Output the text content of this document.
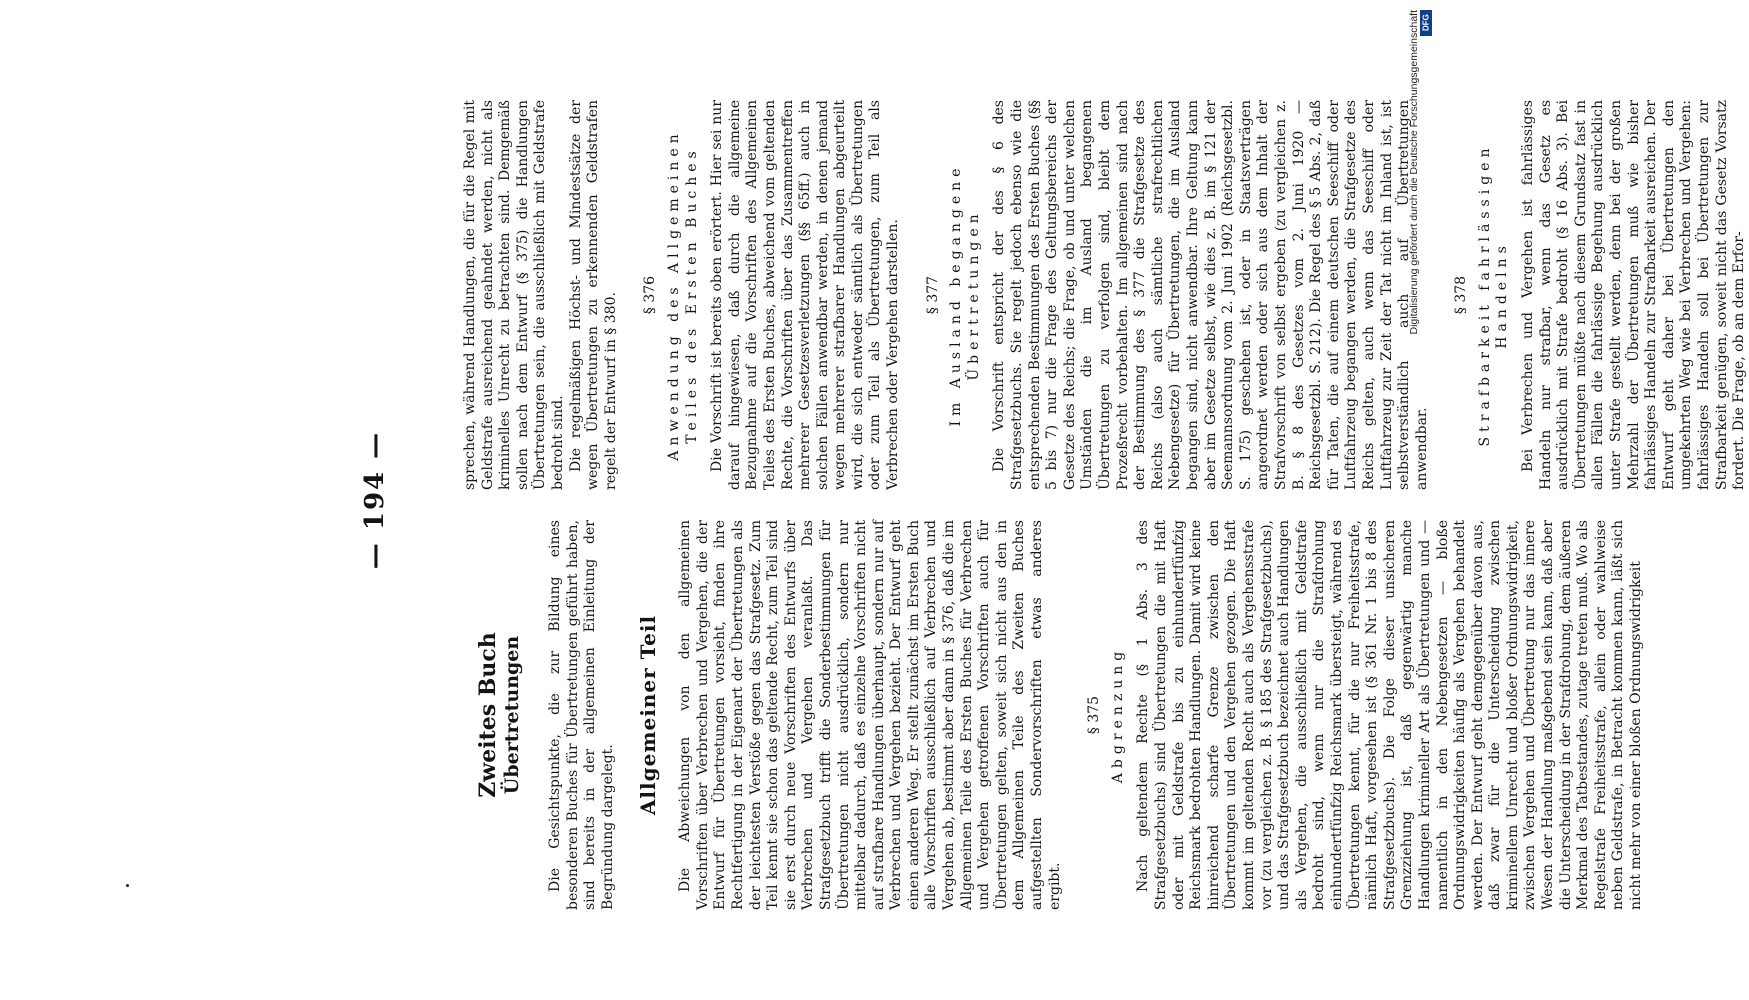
— 194 —
Zweites Buch Übertretungen Die Gesichtspunkte, die zur Bildung eines besonderen Buches für Übertretungen geführt haben, sind bereits in der allgemeinen Einleitung der Begründung dargelegt.

Allgemeiner Teil Die Abweichungen von den allgemeinen Vorschriften über Verbrechen und Vergehen, die der Entwurf für Übertretungen vorsieht, finden ihre Rechtfertigung in der Eigenart der Übertretungen als der leichtesten Verstöße gegen das Strafgesetz. Zum Teil kennt sie schon das geltende Recht, zum Teil sind sie erst durch neue Vorschriften des Entwurfs über Verbrechen und Vergehen veranlaßt. Das Strafgesetzbuch trifft die Sonderbestimmungen für Übertretungen nicht ausdrücklich, sondern nur mittelbar dadurch, daß es einzelne Vorschriften nicht auf strafbare Handlungen überhaupt, sondern nur auf Verbrechen und Vergehen bezieht. Der Entwurf geht einen anderen Weg. Er stellt zunächst im Ersten Buch alle Vorschriften ausschließlich auf Verbrechen und Vergehen ab, bestimmt aber dann in § 376, daß die im Allgemeinen Teile des Ersten Buches für Verbrechen und Vergehen getroffenen Vorschriften auch für Übertretungen gelten, soweit sich nicht aus den in dem Allgemeinen Teile des Zweiten Buches aufgestellten Sondervorschriften etwas anderes ergibt.

§ 375 Abgrenzung Nach geltendem Rechte (§ 1 Abs. 3 des Strafgesetzbuchs) sind Übertretungen die mit Haft oder mit Geldstrafe bis zu einhundertfünfzig Reichsmark bedrohten Handlungen. Damit wird keine hinreichend scharfe Grenze zwischen den Übertretungen und den Vergehen gezogen. Die Haft kommt im geltenden Recht auch als Vergehensstrafe vor (zu vergleichen z. B. § 185 des Strafgesetzbuchs), und das Strafgesetzbuch bezeichnet auch Handlungen als Vergehen, die ausschließlich mit Geldstrafe bedroht sind, wenn nur die Strafdrohung einhundertfünfzig Reichsmark übersteigt, während es Übertretungen kennt, für die nur Freiheitsstrafe, nämlich Haft, vorgesehen ist (§ 361 Nr. 1 bis 8 des Strafgesetzbuchs). Die Folge dieser unsicheren Grenzziehung ist, daß gegenwärtig manche Handlungen krimineller Art als Übertretungen und — namentlich in den Nebengesetzen — bloße Ordnungswidrigkeiten häufig als Vergehen behandelt werden. Der Entwurf geht demgegenüber davon aus, daß zwar für die Unterscheidung zwischen kriminellem Unrecht und bloßer Ordnungswidrigkeit, zwischen Vergehen und Übertretung nur das innere Wesen der Handlung maßgebend sein kann, daß aber die Unterscheidung in der Strafdrohung, dem äußeren Merkmal des Tatbestandes, zutage treten muß. Wo als Regelstrafe Freiheitsstrafe, allein oder wahlweise neben Geldstrafe, in Betracht kommen kann, läßt sich nicht mehr von einer bloßen Ordnungswidrigkeit

sprechen, während Handlungen, die für die Regel mit Geldstrafe ausreichend geahndet werden, nicht als kriminelles Unrecht zu betrachten sind. Demgemäß sollen nach dem Entwurf (§ 375) die Handlungen Übertretungen sein, die ausschließlich mit Geldstrafe bedroht sind. Die regelmäßigen Höchst- und Mindestsätze der wegen Übertretungen zu erkennenden Geldstrafen regelt der Entwurf in § 380. § 376 Anwendung des Allgemeinen Teiles des Ersten Buches Die Vorschrift ist bereits oben erörtert. Hier sei nur darauf hingewiesen, daß durch die allgemeine Bezugnahme auf die Vorschriften des Allgemeinen Teiles des Ersten Buches, abweichend vom geltenden Rechte, die Vorschriften über das Zusammentreffen mehrerer Gesetzesverletzungen (§§ 65ff.) auch in solchen Fällen anwendbar werden, in denen jemand wegen mehrerer strafbarer Handlungen abgeurteilt wird, die sich entweder sämtlich als Übertretungen oder zum Teil als Übertretungen, zum Teil als Verbrechen oder Vergehen darstellen. § 377 Im Ausland begangene Übertretungen Die Vorschrift entspricht der des § 6 des Strafgesetzbuchs. Sie regelt jedoch ebenso wie die entsprechenden Bestimmungen des Ersten Buches (§§ 5 bis 7) nur die Frage des Geltungsbereichs der Gesetze des Reichs; die Frage, ob und unter welchen Umständen die im Ausland begangenen Übertretungen zu verfolgen sind, bleibt dem Prozeßrecht vorbehalten. Im allgemeinen sind nach der Bestimmung des § 377 die Strafgesetze des Reichs (also auch sämtliche strafrechtlichen Nebengesetze) für Übertretungen, die im Ausland begangen sind, nicht anwendbar. Ihre Geltung kann aber im Gesetze selbst, wie dies z. B. im § 121 der Seemannsordnung vom 2. Juni 1902 (Reichsgesetzbl. S. 175) geschehen ist, oder in Staatsverträgen angeordnet werden oder sich aus dem Inhalt der Strafvorschrift von selbst ergeben (zu vergleichen z. B. § 8 des Gesetzes vom 2. Juni 1920 — Reichsgesetzbl. S. 212). Die Regel des § 5 Abs. 2, daß für Taten, die auf einem deutschen Seeschiff oder Luftfahrzeug begangen werden, die Strafgesetze des Reichs gelten, auch wenn das Seeschiff oder Luftfahrzeug zur Zeit der Tat nicht im Inland ist, ist selbstverständlich auch auf Übertretungen anwendbar.

§ 378 Strafbarkeit fahrlässigen Handelns Bei Verbrechen und Vergehen ist fahrlässiges Handeln nur strafbar, wenn das Gesetz es ausdrücklich mit Strafe bedroht (§ 16 Abs. 3). Bei Übertretungen müßte nach diesem Grundsatz fast in allen Fällen die fahrlässige Begehung ausdrücklich unter Strafe gestellt werden, denn bei der großen Mehrzahl der Übertretungen muß wie bisher fahrlässiges Handeln zur Strafbarkeit ausreichen. Der Entwurf geht daher bei Übertretungen den umgekehrten Weg wie bei Verbrechen und Vergehen: fahrlässiges Handeln soll bei Übertretungen zur Strafbarkeit genügen, soweit nicht das Gesetz Vorsatz fordert. Die Frage, ob an dem Erfor-

Digitalisierung gefördert durch die Deutsche Forschungsgemeinschaft DFG
